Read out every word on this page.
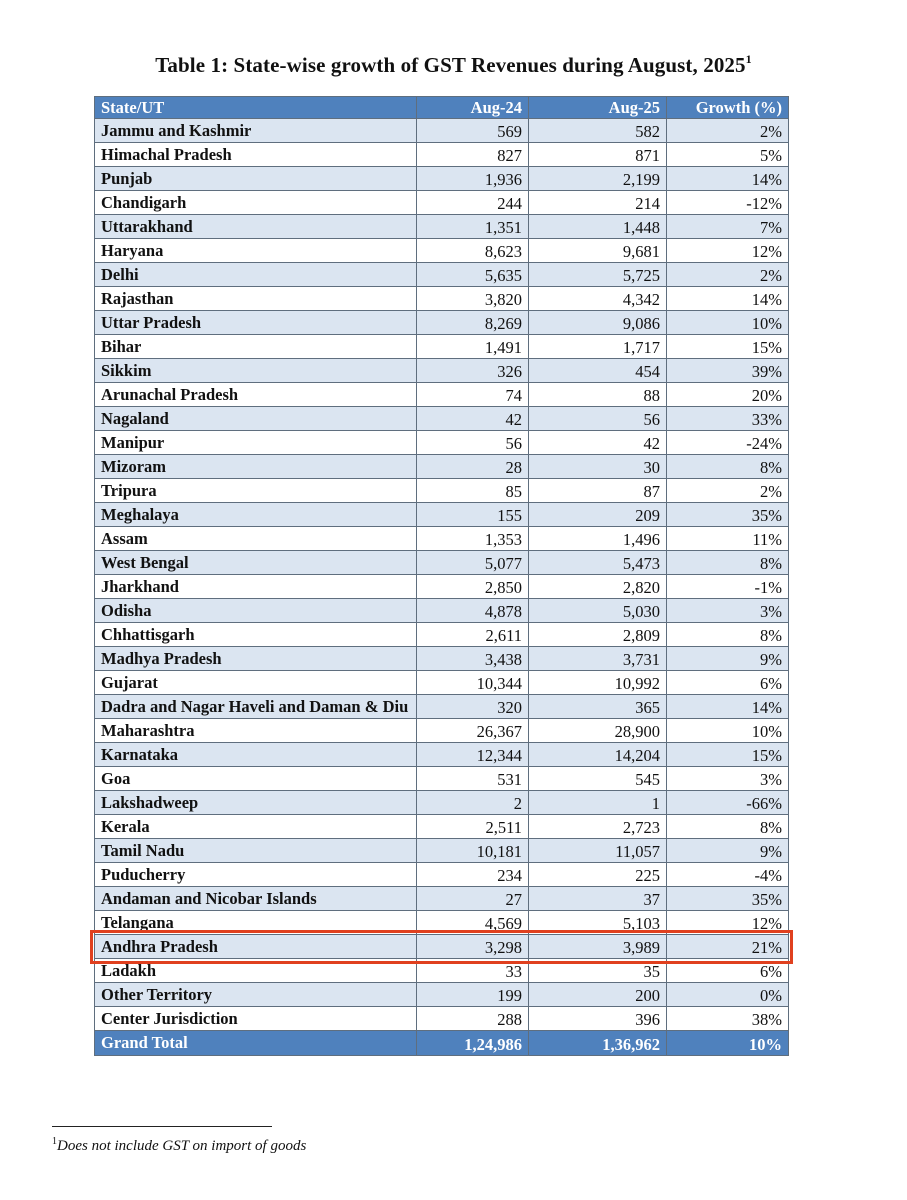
Table 1: State-wise growth of GST Revenues during August, 2025$^1$
State/UT	Aug-24	Aug-25	Growth (%)
Jammu and Kashmir	569	582	2%
Himachal Pradesh	827	871	5%
Punjab	1,936	2,199	14%
Chandigarh	244	214	-12%
Uttarakhand	1,351	1,448	7%
Haryana	8,623	9,681	12%
Delhi	5,635	5,725	2%
Rajasthan	3,820	4,342	14%
Uttar Pradesh	8,269	9,086	10%
Bihar	1,491	1,717	15%
Sikkim	326	454	39%
Arunachal Pradesh	74	88	20%
Nagaland	42	56	33%
Manipur	56	42	-24%
Mizoram	28	30	8%
Tripura	85	87	2%
Meghalaya	155	209	35%
Assam	1,353	1,496	11%
West Bengal	5,077	5,473	8%
Jharkhand	2,850	2,820	-1%
Odisha	4,878	5,030	3%
Chhattisgarh	2,611	2,809	8%
Madhya Pradesh	3,438	3,731	9%
Gujarat	10,344	10,992	6%
Dadra and Nagar Haveli and Daman & Diu	320	365	14%
Maharashtra	26,367	28,900	10%
Karnataka	12,344	14,204	15%
Goa	531	545	3%
Lakshadweep	2	1	-66%
Kerala	2,511	2,723	8%
Tamil Nadu	10,181	11,057	9%
Puducherry	234	225	-4%
Andaman and Nicobar Islands	27	37	35%
Telangana	4,569	5,103	12%
Andhra Pradesh	3,298	3,989	21%
Ladakh	33	35	6%
Other Territory	199	200	0%
Center Jurisdiction	288	396	38%
Grand Total	1,24,986	1,36,962	10%
$^1$Does not include GST on import of goods
